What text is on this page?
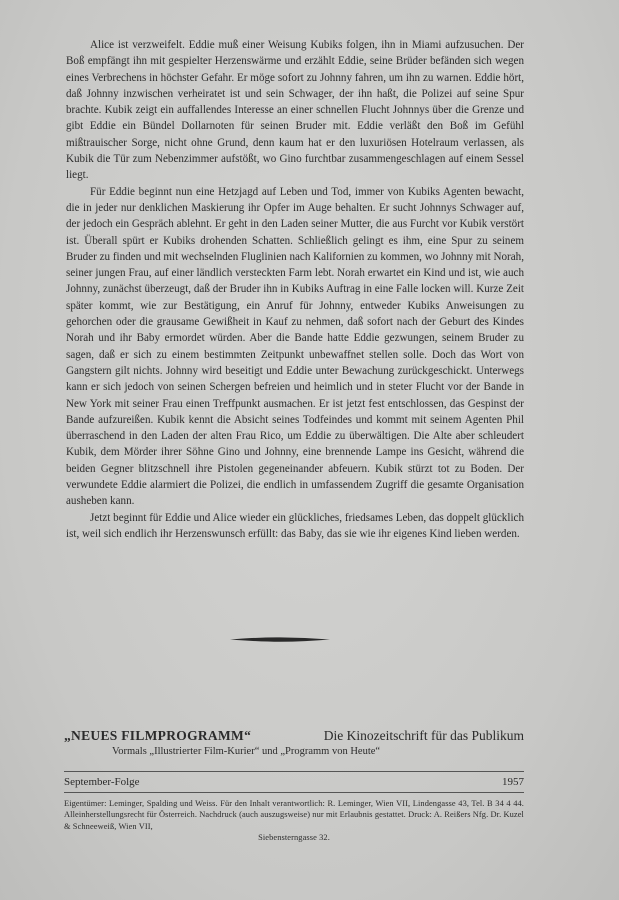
Alice ist verzweifelt. Eddie muß einer Weisung Kubiks folgen, ihn in Miami aufzusuchen. Der Boß empfängt ihn mit gespielter Herzenswärme und erzählt Eddie, seine Brüder befänden sich wegen eines Verbrechens in höchster Gefahr. Er möge sofort zu Johnny fahren, um ihn zu warnen. Eddie hört, daß Johnny inzwischen verheiratet ist und sein Schwager, der ihn haßt, die Polizei auf seine Spur brachte. Kubik zeigt ein auffallendes Interesse an einer schnellen Flucht Johnnys über die Grenze und gibt Eddie ein Bündel Dollarnoten für seinen Bruder mit. Eddie verläßt den Boß im Gefühl mißtrauischer Sorge, nicht ohne Grund, denn kaum hat er den luxuriösen Hotelraum verlassen, als Kubik die Tür zum Nebenzimmer aufstößt, wo Gino furchtbar zusammengeschlagen auf einem Sessel liegt.

Für Eddie beginnt nun eine Hetzjagd auf Leben und Tod, immer von Kubiks Agenten bewacht, die in jeder nur denklichen Maskierung ihr Opfer im Auge behalten. Er sucht Johnnys Schwager auf, der jedoch ein Gespräch ablehnt. Er geht in den Laden seiner Mutter, die aus Furcht vor Kubik verstört ist. Überall spürt er Kubiks drohenden Schatten. Schließlich gelingt es ihm, eine Spur zu seinem Bruder zu finden und mit wechselnden Fluglinien nach Kalifornien zu kommen, wo Johnny mit Norah, seiner jungen Frau, auf einer ländlich versteckten Farm lebt. Norah erwartet ein Kind und ist, wie auch Johnny, zunächst überzeugt, daß der Bruder ihn in Kubiks Auftrag in eine Falle locken will. Kurze Zeit später kommt, wie zur Bestätigung, ein Anruf für Johnny, entweder Kubiks Anweisungen zu gehorchen oder die grausame Gewißheit in Kauf zu nehmen, daß sofort nach der Geburt des Kindes Norah und ihr Baby ermordet würden. Aber die Bande hatte Eddie gezwungen, seinem Bruder zu sagen, daß er sich zu einem bestimmten Zeitpunkt unbewaffnet stellen solle. Doch das Wort von Gangstern gilt nichts. Johnny wird beseitigt und Eddie unter Bewachung zurückgeschickt. Unterwegs kann er sich jedoch von seinen Schergen befreien und heimlich und in steter Flucht vor der Bande in New York mit seiner Frau einen Treffpunkt ausmachen. Er ist jetzt fest entschlossen, das Gespinst der Bande aufzureißen. Kubik kennt die Absicht seines Todfeindes und kommt mit seinem Agenten Phil überraschend in den Laden der alten Frau Rico, um Eddie zu überwältigen. Die Alte aber schleudert Kubik, dem Mörder ihrer Söhne Gino und Johnny, eine brennende Lampe ins Gesicht, während die beiden Gegner blitzschnell ihre Pistolen gegeneinander abfeuern. Kubik stürzt tot zu Boden. Der verwundete Eddie alarmiert die Polizei, die endlich in umfassendem Zugriff die gesamte Organisation ausheben kann.

Jetzt beginnt für Eddie und Alice wieder ein glückliches, friedsames Leben, das doppelt glücklich ist, weil sich endlich ihr Herzenswunsch erfüllt: das Baby, das sie wie ihr eigenes Kind lieben werden.

„NEUES FILMPROGRAMM“	Die Kinozeitschrift für das Publikum
Vormals „Illustrierter Film-Kurier“ und „Programm von Heute“
September-Folge	1957
Eigentümer: Leminger, Spalding und Weiss. Für den Inhalt verantwortlich: R. Leminger, Wien VII, Lindengasse 43, Tel. B 34 4 44. Alleinherstellungsrecht für Österreich. Nachdruck (auch auszugsweise) nur mit Erlaubnis gestattet. Druck: A. Reißers Nfg. Dr. Kuzel & Schneeweiß, Wien VII,
Siebensterngasse 32.
